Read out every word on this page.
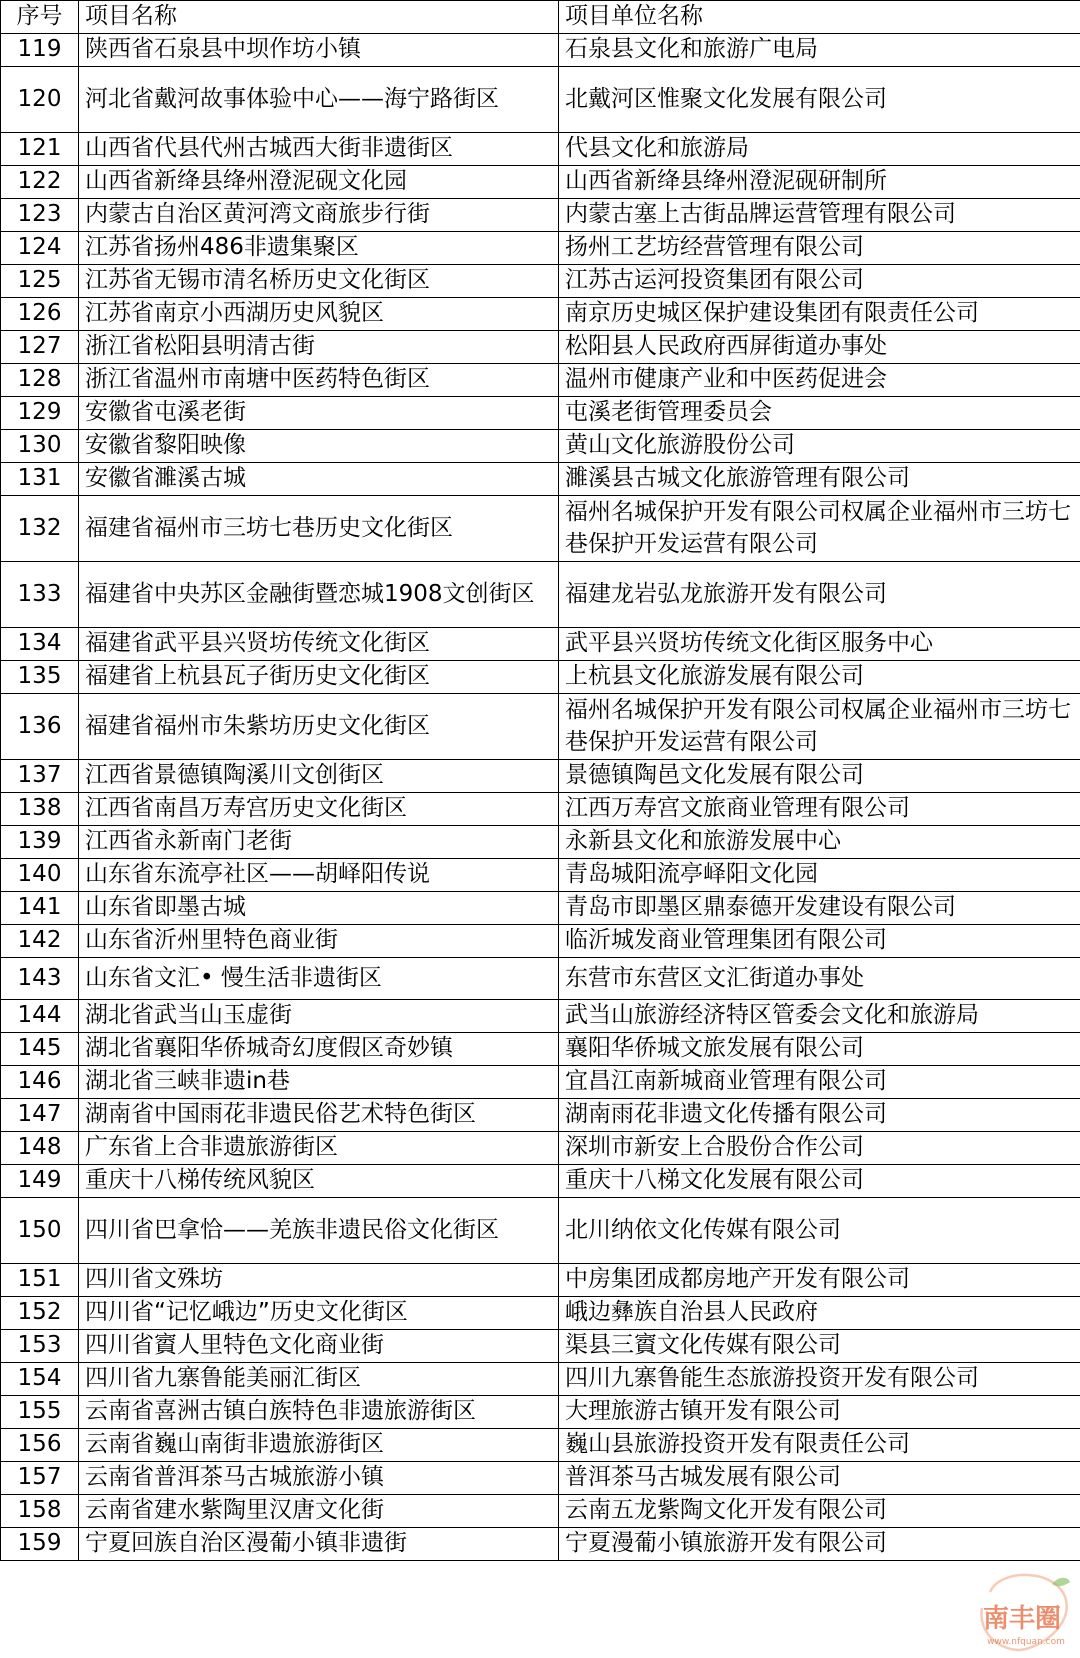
序号	项目名称	项目单位名称
119	陕西省石泉县中坝作坊小镇	石泉县文化和旅游广电局
120	河北省戴河故事体验中心——海宁路街区	北戴河区惟聚文化发展有限公司
121	山西省代县代州古城西大街非遗街区	代县文化和旅游局
122	山西省新绛县绛州澄泥砚文化园	山西省新绛县绛州澄泥砚研制所
123	内蒙古自治区黄河湾文商旅步行街	内蒙古塞上古街品牌运营管理有限公司
124	江苏省扬州486非遗集聚区	扬州工艺坊经营管理有限公司
125	江苏省无锡市清名桥历史文化街区	江苏古运河投资集团有限公司
126	江苏省南京小西湖历史风貌区	南京历史城区保护建设集团有限责任公司
127	浙江省松阳县明清古街	松阳县人民政府西屏街道办事处
128	浙江省温州市南塘中医药特色街区	温州市健康产业和中医药促进会
129	安徽省屯溪老街	屯溪老街管理委员会
130	安徽省黎阳映像	黄山文化旅游股份公司
131	安徽省濉溪古城	濉溪县古城文化旅游管理有限公司
132	福建省福州市三坊七巷历史文化街区	福州名城保护开发有限公司权属企业福州市三坊七巷保护开发运营有限公司
133	福建省中央苏区金融街暨恋城1908文创街区	福建龙岩弘龙旅游开发有限公司
134	福建省武平县兴贤坊传统文化街区	武平县兴贤坊传统文化街区服务中心
135	福建省上杭县瓦子街历史文化街区	上杭县文化旅游发展有限公司
136	福建省福州市朱紫坊历史文化街区	福州名城保护开发有限公司权属企业福州市三坊七巷保护开发运营有限公司
137	江西省景德镇陶溪川文创街区	景德镇陶邑文化发展有限公司
138	江西省南昌万寿宫历史文化街区	江西万寿宫文旅商业管理有限公司
139	江西省永新南门老街	永新县文化和旅游发展中心
140	山东省东流亭社区——胡峄阳传说	青岛城阳流亭峄阳文化园
141	山东省即墨古城	青岛市即墨区鼎泰德开发建设有限公司
142	山东省沂州里特色商业街	临沂城发商业管理集团有限公司
143	山东省文汇• 慢生活非遗街区	东营市东营区文汇街道办事处
144	湖北省武当山玉虚街	武当山旅游经济特区管委会文化和旅游局
145	湖北省襄阳华侨城奇幻度假区奇妙镇	襄阳华侨城文旅发展有限公司
146	湖北省三峡非遗in巷	宜昌江南新城商业管理有限公司
147	湖南省中国雨花非遗民俗艺术特色街区	湖南雨花非遗文化传播有限公司
148	广东省上合非遗旅游街区	深圳市新安上合股份合作公司
149	重庆十八梯传统风貌区	重庆十八梯文化发展有限公司
150	四川省巴拿恰——羌族非遗民俗文化街区	北川纳依文化传媒有限公司
151	四川省文殊坊	中房集团成都房地产开发有限公司
152	四川省“记忆峨边”历史文化街区	峨边彝族自治县人民政府
153	四川省賨人里特色文化商业街	渠县三賨文化传媒有限公司
154	四川省九寨鲁能美丽汇街区	四川九寨鲁能生态旅游投资开发有限公司
155	云南省喜洲古镇白族特色非遗旅游街区	大理旅游古镇开发有限公司
156	云南省巍山南街非遗旅游街区	巍山县旅游投资开发有限责任公司
157	云南省普洱茶马古城旅游小镇	普洱茶马古城发展有限公司
158	云南省建水紫陶里汉唐文化街	云南五龙紫陶文化开发有限公司
159	宁夏回族自治区漫葡小镇非遗街	宁夏漫葡小镇旅游开发有限公司
南丰圈
www.nfquan.com
